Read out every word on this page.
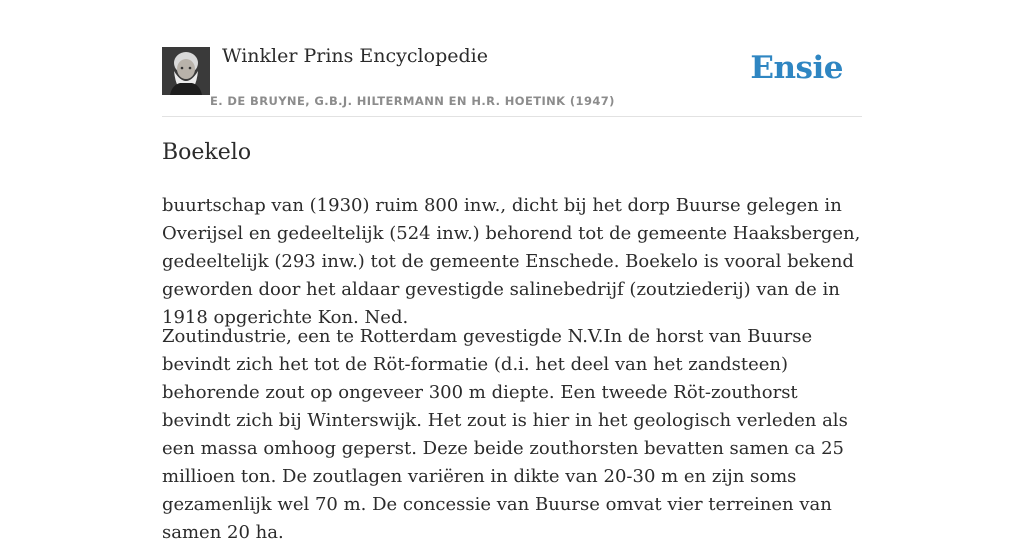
Winkler Prins Encyclopedie
E. DE BRUYNE, G.B.J. HILTERMANN EN H.R. HOETINK (1947)
Ensie
Boekelo

buurtschap van (1930) ruim 800 inw., dicht bij het dorp Buurse gelegen in Overijsel en gedeeltelijk (524 inw.) behorend tot de gemeente Haaksbergen, gedeeltelijk (293 inw.) tot de gemeente Enschede. Boekelo is vooral bekend geworden door het aldaar gevestigde salinebedrijf (zoutziederij) van de in 1918 opgerichte Kon. Ned.

Zoutindustrie, een te Rotterdam gevestigde N.V.In de horst van Buurse bevindt zich het tot de Röt-formatie (d.i. het deel van het zandsteen) behorende zout op ongeveer 300 m diepte. Een tweede Röt-zouthorst bevindt zich bij Winterswijk. Het zout is hier in het geologisch verleden als een massa omhoog geperst. Deze beide zouthorsten bevatten samen ca 25 millioen ton. De zoutlagen variëren in dikte van 20-30 m en zijn soms gezamenlijk wel 70 m. De concessie van Buurse omvat vier terreinen van samen 20 ha.
